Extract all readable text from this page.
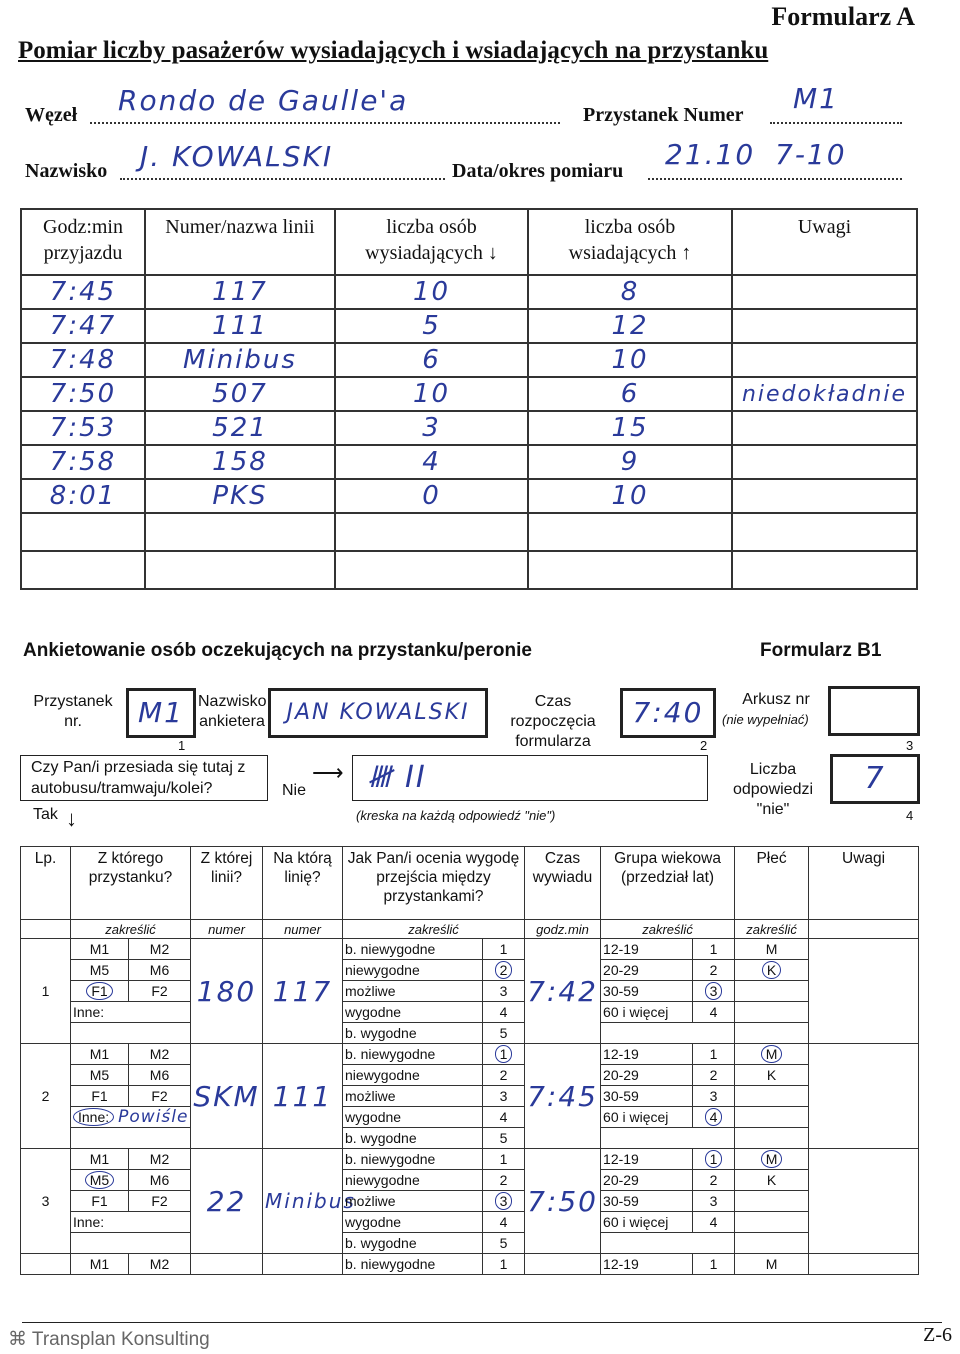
Formularz A
Pomiar liczby pasażerów wysiadających i wsiadających na przystanku
Węzeł Rondo de Gaulle'a	Przystanek Numer M1
Nazwisko J. KOWALSKI	Data/okres pomiaru 21.10 7-10
Godz:min przyjazdu	Numer/nazwa linii	liczba osób wysiadających ↓	liczba osób wsiadających ↑	Uwagi
7:45	117	10	8	
7:47	111	5	12	
7:48	Minibus	6	10	
7:50	507	10	6	niedokładnie
7:53	521	3	15	
7:58	158	4	9	
8:01	PKS	0	10	

Ankietowanie osób oczekujących na przystanku/peronie	Formularz B1
Przystanek nr.	M1 Nazwisko ankietera JAN KOWALSKI	Czas rozpoczęcia formularza
7:40	Arkusz nr
(nie wypełniać)
1	2	3
4
Czy Pan/i przesiada się tutaj z autobusu/tramwaju/kolei?	Nie
⟶ 𝍸 II
(kreska na każdą odpowiedź "nie")
Liczba odpowiedzi "nie"
7
Tak ↓
Lp.	Z którego przystanku?		Z której linii?	Na którą linię?	Jak Pan/i ocenia wygodę przejścia między przystankami?		Czas wywiadu	Grupa wiekowa (przedział lat)		Płeć	Uwagi
	zakreślić		numer	numer	zakreślić		godz.min	zakreślić		zakreślić	
1	M1	M2	180	117	b. niewygodne	1	7:42	12-19	1	M	
	M5	M6			niewygodne	2		20-29	2	K	
	F1	F2			możliwe	3		30-59	3		
	Inne:				wygodne	4		60 i więcej	4		
					b. wygodne	5					
2	M1	M2	SKM	111	b. niewygodne	1	7:45	12-19	1	M	
	M5	M6			niewygodne	2		20-29	2	K	
	F1	F2			możliwe	3		30-59	3		
	Inne: Powiśle				wygodne	4		60 i więcej	4		
					b. wygodne	5					
3	M1	M2	22	Minibus	b. niewygodne	1	7:50	12-19	1	M	
	M5	M6			niewygodne	2		20-29	2	K	
	F1	F2			możliwe	3		30-59	3		
	Inne:				wygodne	4		60 i więcej	4		
					b. wygodne	5					
	M1	M2			b. niewygodne	1		12-19	1	M	
⌘ Transplan Konsulting	Z-6
